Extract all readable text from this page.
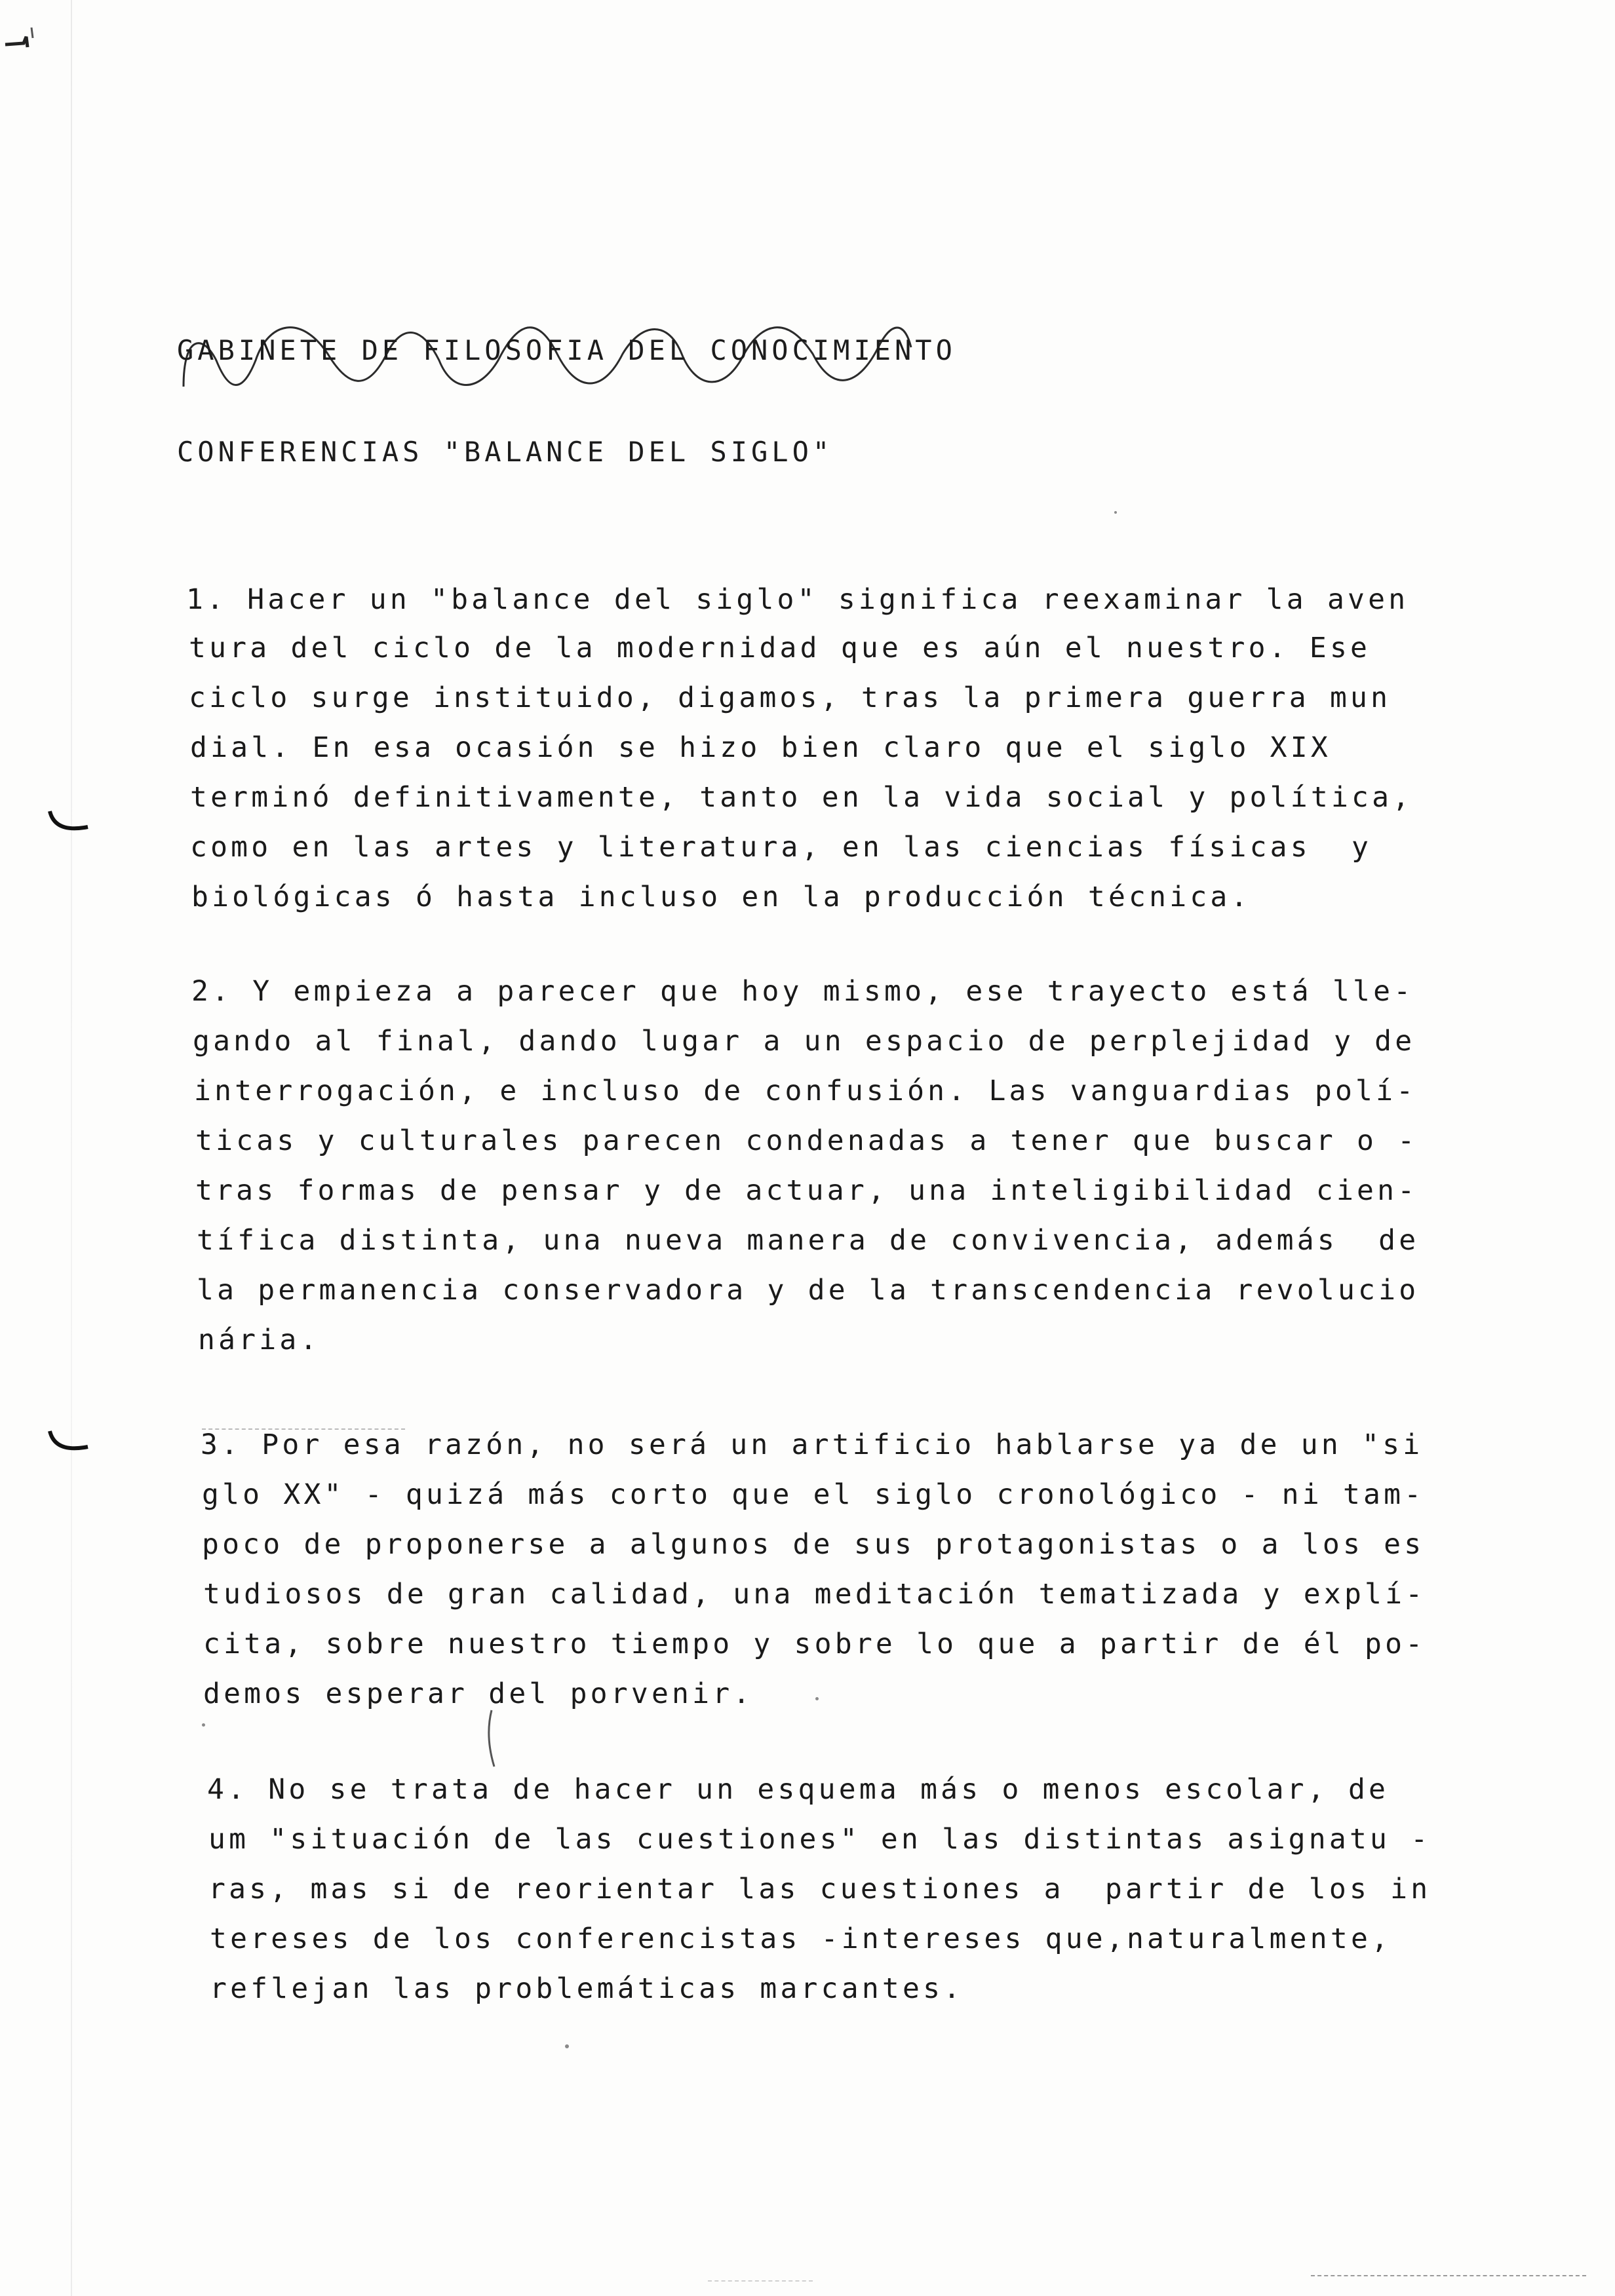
GABINETE DE FILOSOFIA DEL CONOCIMIENTO
CONFERENCIAS "BALANCE DEL SIGLO"
1. Hacer un "balance del siglo" significa reexaminar la aven
tura del ciclo de la modernidad que es aún el nuestro. Ese
ciclo surge instituido, digamos, tras la primera guerra mun
dial. En esa ocasión se hizo bien claro que el siglo XIX
terminó definitivamente, tanto en la vida social y política,
como en las artes y literatura, en las ciencias físicas  y
biológicas ó hasta incluso en la producción técnica.
2. Y empieza a parecer que hoy mismo, ese trayecto está lle-
gando al final, dando lugar a un espacio de perplejidad y de
interrogación, e incluso de confusión. Las vanguardias polí-
ticas y culturales parecen condenadas a tener que buscar o -
tras formas de pensar y de actuar, una inteligibilidad cien-
tífica distinta, una nueva manera de convivencia, además  de
la permanencia conservadora y de la transcendencia revolucio
nária.
3. Por esa razón, no será un artificio hablarse ya de un "si
glo XX" - quizá más corto que el siglo cronológico - ni tam-
poco de proponerse a algunos de sus protagonistas o a los es
tudiosos de gran calidad, una meditación tematizada y explí-
cita, sobre nuestro tiempo y sobre lo que a partir de él po-
demos esperar del porvenir.
4. No se trata de hacer un esquema más o menos escolar, de
um "situación de las cuestiones" en las distintas asignatu -
ras, mas si de reorientar las cuestiones a  partir de los in
tereses de los conferencistas -intereses que,naturalmente,
reflejan las problemáticas marcantes.
